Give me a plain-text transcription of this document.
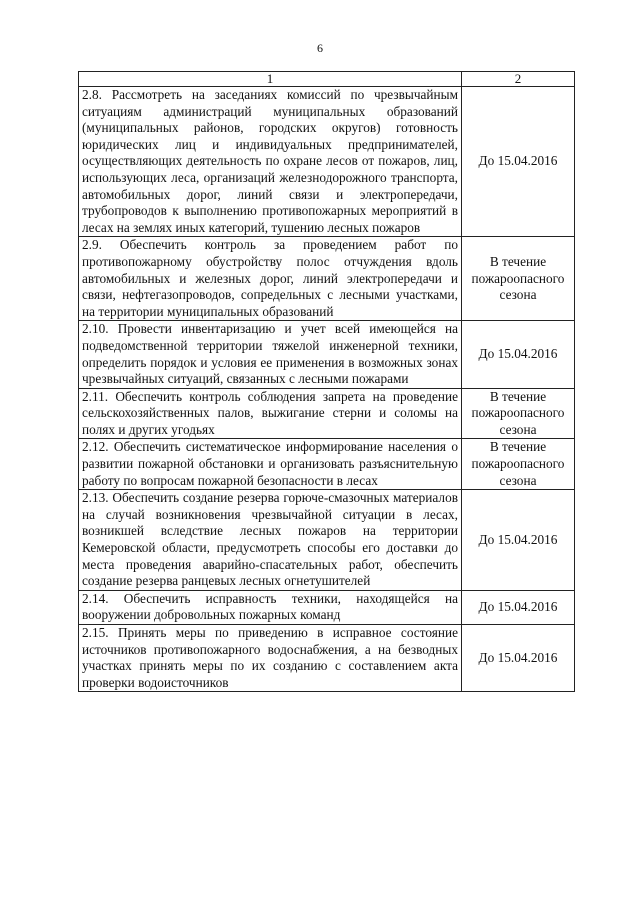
6
1	2
2.8. Рассмотреть на заседаниях комиссий по чрезвычайным ситуациям администраций муниципальных образований (муниципальных районов, городских округов) готовность юридических лиц и индивидуальных предпринимателей, осуществляющих деятельность по охране лесов от пожаров, лиц, использующих леса, организаций железнодорожного транспорта, автомобильных дорог, линий связи и электропередачи, трубопроводов к выполнению противопожарных мероприятий в лесах на землях иных категорий, тушению лесных пожаров	До 15.04.2016
2.9. Обеспечить контроль за проведением работ по противопожарному обустройству полос отчуждения вдоль автомобильных и железных дорог, линий электропередачи и связи, нефтегазопроводов, сопредельных с лесными участками, на территории муниципальных образований	В течение пожароопасного сезона
2.10. Провести инвентаризацию и учет всей имеющейся на подведомственной территории тяжелой инженерной техники, определить порядок и условия ее применения в возможных зонах чрезвычайных ситуаций, связанных с лесными пожарами	До 15.04.2016
2.11. Обеспечить контроль соблюдения запрета на проведение сельскохозяйственных палов, выжигание стерни и соломы на полях и других угодьях	В течение пожароопасного сезона
2.12. Обеспечить систематическое информирование населения о развитии пожарной обстановки и организовать разъяснительную работу по вопросам пожарной безопасности в лесах	В течение пожароопасного сезона
2.13. Обеспечить создание резерва горюче-смазочных материалов на случай возникновения чрезвычайной ситуации в лесах, возникшей вследствие лесных пожаров на территории Кемеровской области, предусмотреть способы его доставки до места проведения аварийно-спасательных работ, обеспечить создание резерва ранцевых лесных огнетушителей	До 15.04.2016
2.14. Обеспечить исправность техники, находящейся на вооружении добровольных пожарных команд	До 15.04.2016
2.15. Принять меры по приведению в исправное состояние источников противопожарного водоснабжения, а на безводных участках принять меры по их созданию с составлением акта проверки водоисточников	До 15.04.2016
